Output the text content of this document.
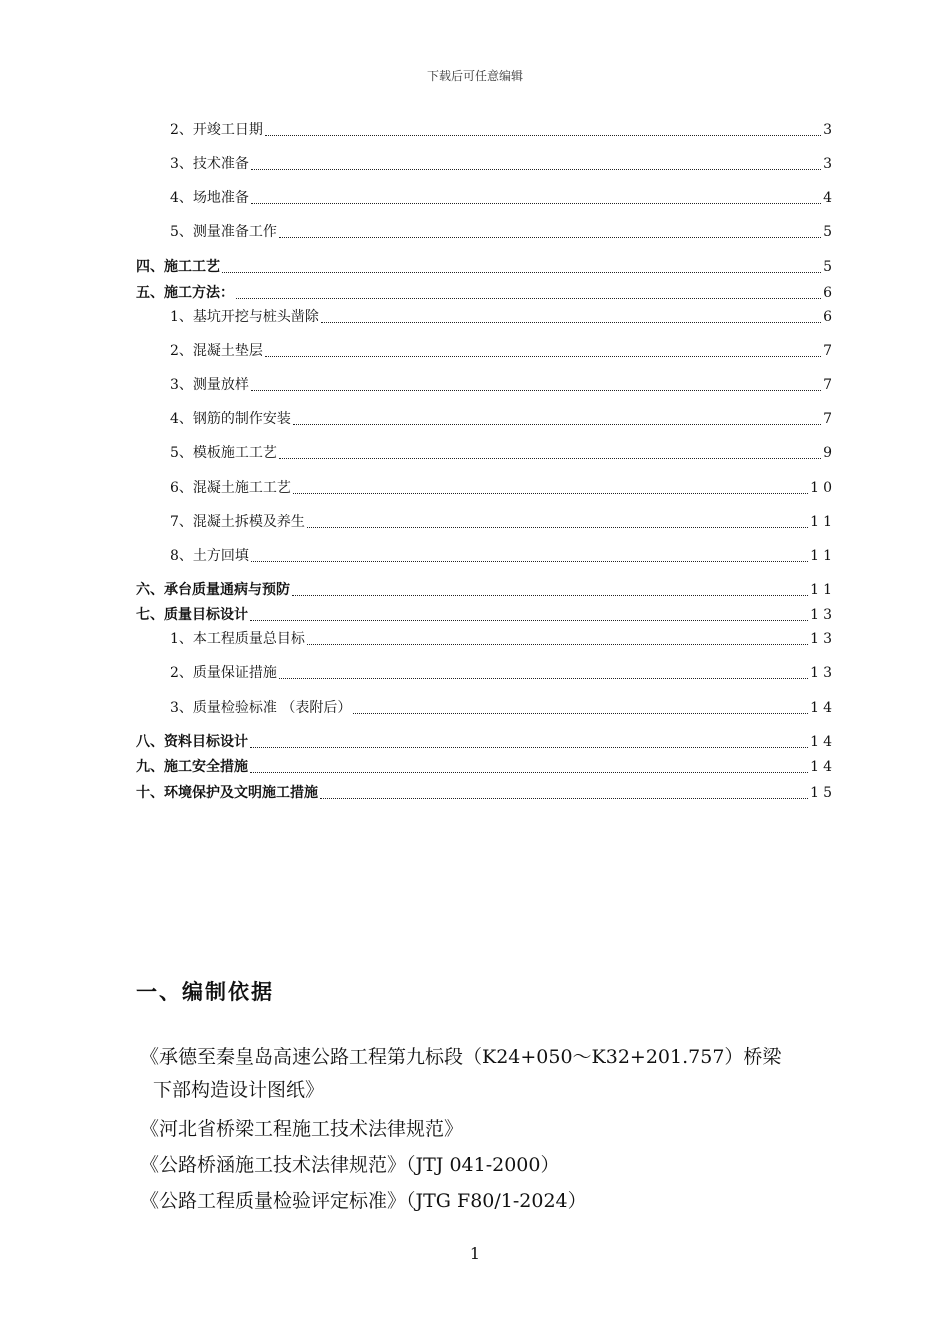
下载后可任意编辑
2、开竣工日期	3
3、技术准备	3
4、场地准备	4
5、测量准备工作	5
四、施工工艺	5
五、施工方法：	6
1、基坑开挖与桩头凿除	6
2、混凝土垫层	7
3、测量放样	7
4、钢筋的制作安装	7
5、模板施工工艺	9
6、混凝土施工工艺	10
7、混凝土拆模及养生	11
8、土方回填	11
六、承台质量通病与预防	11
七、质量目标设计	13
1、本工程质量总目标	13
2、质量保证措施	13
3、质量检验标准 （表附后）	14
八、资料目标设计	14
九、施工安全措施	14
十、环境保护及文明施工措施	15
一、编制依据
《承德至秦皇岛高速公路工程第九标段（K24+050～K32+201.757）桥梁
下部构造设计图纸》
《河北省桥梁工程施工技术法律规范》
《公路桥涵施工技术法律规范》（JTJ 041-2000）
《公路工程质量检验评定标准》（JTG F80/1-2024）
1
